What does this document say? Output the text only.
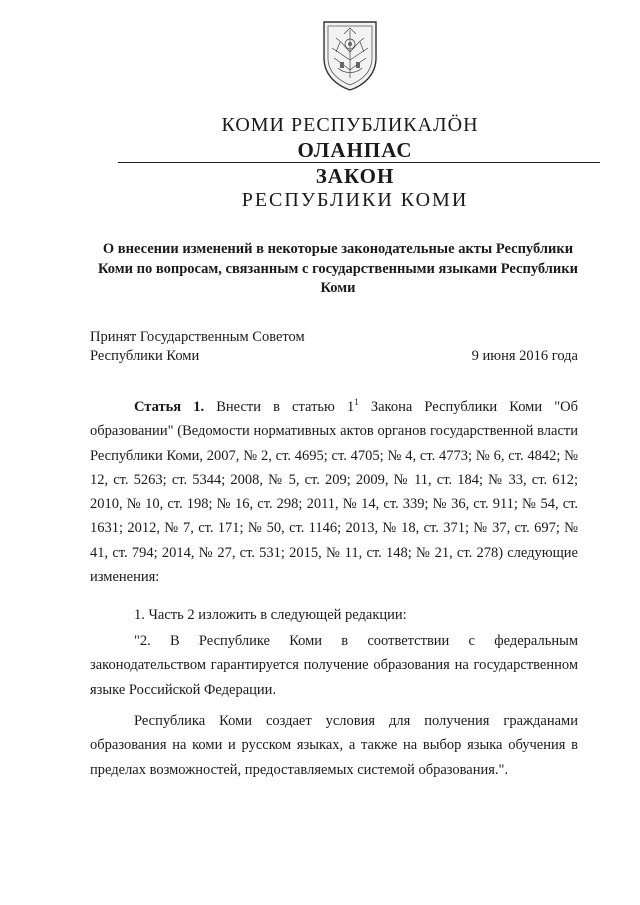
КОМИ РЕСПУБЛИКАЛӦН
ОЛАНПАС
ЗАКОН
РЕСПУБЛИКИ КОМИ
О внесении изменений в некоторые законодательные акты Республики Коми по вопросам, связанным с государственными языками Республики Коми
Принят Государственным Советом
Республики Коми	9 июня 2016 года
Статья 1. Внести в статью $1^1$ Закона Республики Коми "Об образовании" (Ведомости нормативных актов органов государственной власти Республики Коми, 2007, № 2, ст. 4695; ст. 4705; № 4, ст. 4773; № 6, ст. 4842; № 12, ст. 5263; ст. 5344; 2008, № 5, ст. 209; 2009, № 11, ст. 184; № 33, ст. 612; 2010, № 10, ст. 198; № 16, ст. 298; 2011, № 14, ст. 339; № 36, ст. 911; № 54, ст. 1631; 2012, № 7, ст. 171; № 50, ст. 1146; 2013, № 18, ст. 371; № 37, ст. 697; № 41, ст. 794; 2014, № 27, ст. 531; 2015, № 11, ст. 148; № 21, ст. 278) следующие изменения:
1. Часть 2 изложить в следующей редакции:
"2. В Республике Коми в соответствии с федеральным законодательством гарантируется получение образования на государственном языке Российской Федерации.
Республика Коми создает условия для получения гражданами образования на коми и русском языках, а также на выбор языка обучения в пределах возможностей, предоставляемых системой образования.".
